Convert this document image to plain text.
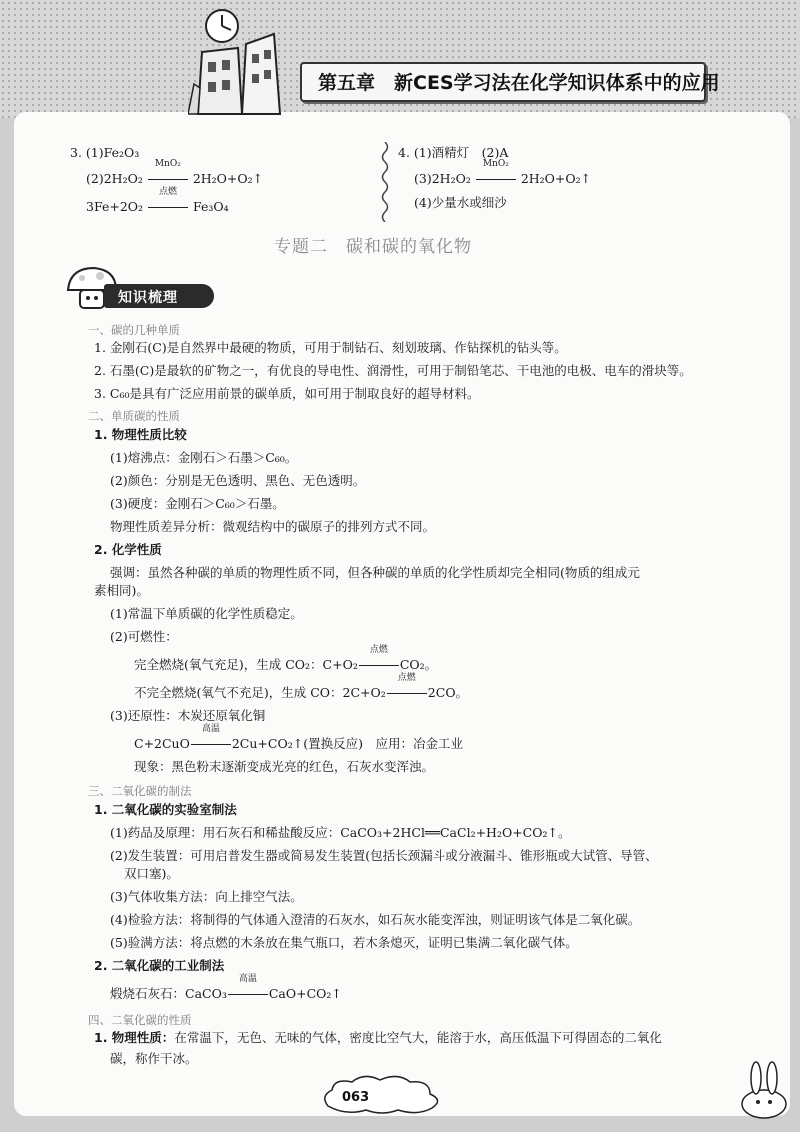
第五章　新CES学习法在化学知识体系中的应用
3. (1)Fe₂O₃
(2)2H₂O₂
MnO₂
2H₂O+O₂↑
3Fe+2O₂
点燃
Fe₃O₄
4. (1)酒精灯　(2)A
(3)2H₂O₂
MnO₂
2H₂O+O₂↑
(4)少量水或细沙
专题二　碳和碳的氧化物
知识梳理
一、碳的几种单质
1. 金刚石(C)是自然界中最硬的物质，可用于制钻石、刻划玻璃、作钻探机的钻头等。
2. 石墨(C)是最软的矿物之一，有优良的导电性、润滑性，可用于制铅笔芯、干电池的电极、电车的滑块等。
3. C₆₀是具有广泛应用前景的碳单质，如可用于制取良好的超导材料。
二、单质碳的性质
1. 物理性质比较
(1)熔沸点：金刚石＞石墨＞C₆₀。
(2)颜色：分别是无色透明、黑色、无色透明。
(3)硬度：金刚石＞C₆₀＞石墨。
物理性质差异分析：微观结构中的碳原子的排列方式不同。
2. 化学性质
强调：虽然各种碳的单质的物理性质不同，但各种碳的单质的化学性质却完全相同(物质的组成元
素相同)。
(1)常温下单质碳的化学性质稳定。
(2)可燃性：
完全燃烧(氧气充足)，生成 CO₂：C+O₂
点燃
CO₂。
不完全燃烧(氧气不充足)，生成 CO：2C+O₂
点燃
2CO。
(3)还原性：木炭还原氧化铜
C+2CuO
高温
2Cu+CO₂↑(置换反应)　应用：冶金工业
现象：黑色粉末逐渐变成光亮的红色，石灰水变浑浊。
三、二氧化碳的制法
1. 二氧化碳的实验室制法
(1)药品及原理：用石灰石和稀盐酸反应：CaCO₃+2HCl══CaCl₂+H₂O+CO₂↑。
(2)发生装置：可用启普发生器或简易发生装置(包括长颈漏斗或分液漏斗、锥形瓶或大试管、导管、
双口塞)。
(3)气体收集方法：向上排空气法。
(4)检验方法：将制得的气体通入澄清的石灰水，如石灰水能变浑浊，则证明该气体是二氧化碳。
(5)验满方法：将点燃的木条放在集气瓶口，若木条熄灭，证明已集满二氧化碳气体。
2. 二氧化碳的工业制法
煅烧石灰石：CaCO₃
高温
CaO+CO₂↑
四、二氧化碳的性质
1. 物理性质：在常温下，无色、无味的气体，密度比空气大，能溶于水，高压低温下可得固态的二氧化
碳，称作干冰。
063
